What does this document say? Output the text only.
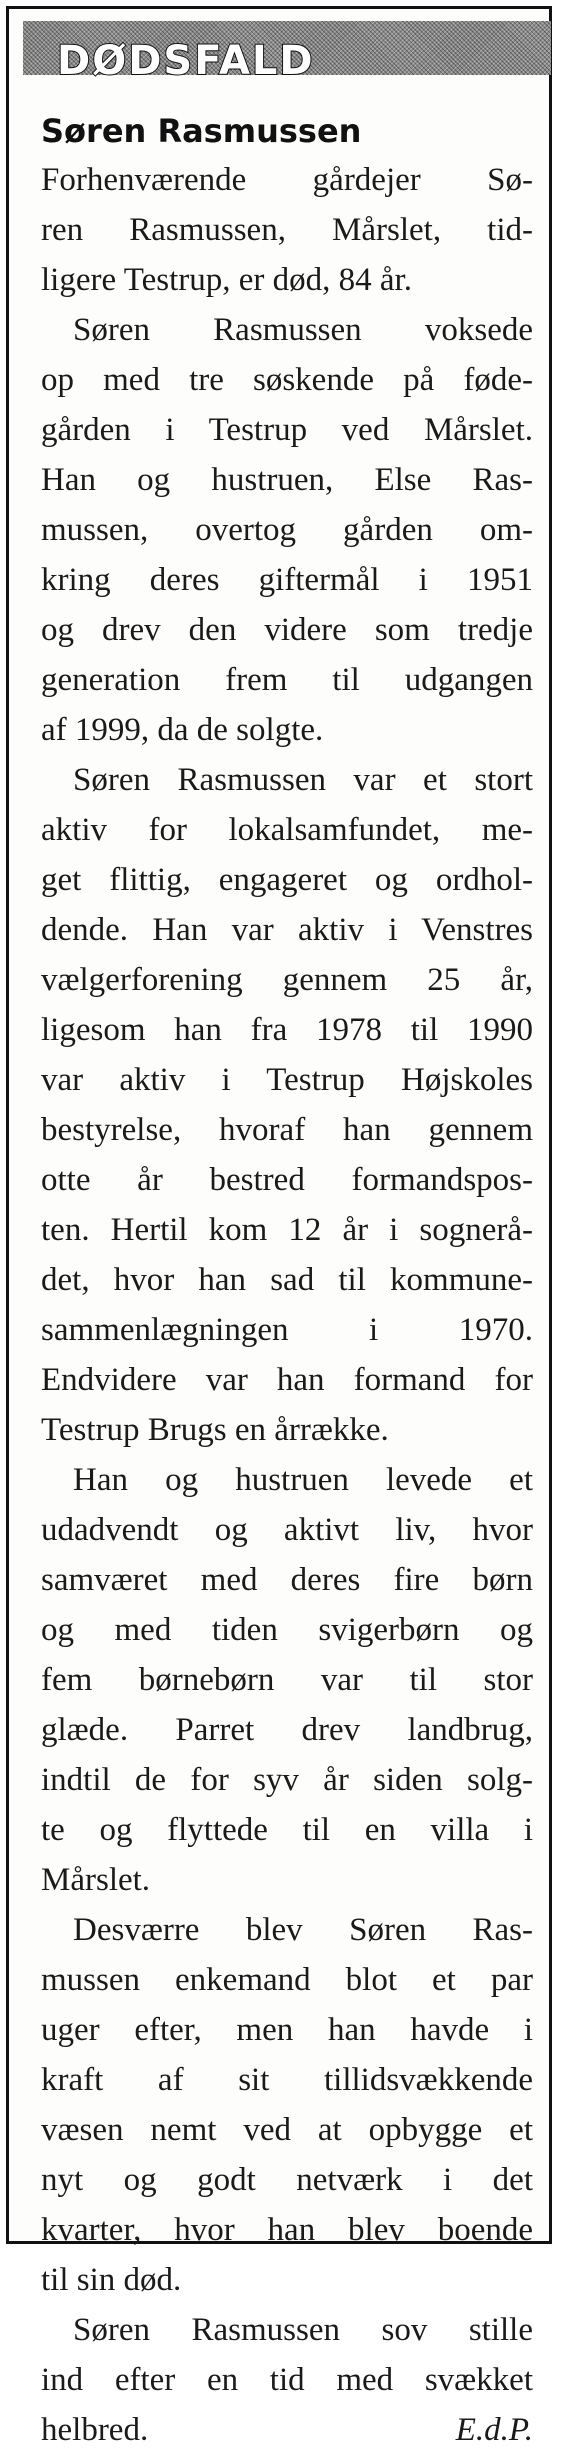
DØDSFALD
Søren Rasmussen

Forhenværende gårdejer Sø-
ren Rasmussen, Mårslet, tid-
ligere Testrup, er død, 84 år.

Søren Rasmussen voksede
op med tre søskende på føde-
gården i Testrup ved Mårslet.
Han og hustruen, Else Ras-
mussen, overtog gården om-
kring deres giftermål i 1951
og drev den videre som tredje
generation frem til udgangen
af 1999, da de solgte.

Søren Rasmussen var et stort
aktiv for lokalsamfundet, me-
get flittig, engageret og ordhol-
dende. Han var aktiv i Venstres
vælgerforening gennem 25 år,
ligesom han fra 1978 til 1990
var aktiv i Testrup Højskoles
bestyrelse, hvoraf han gennem
otte år bestred formandspos-
ten. Hertil kom 12 år i sognerå-
det, hvor han sad til kommune-
sammenlægningen i 1970.
Endvidere var han formand for
Testrup Brugs en årrække.

Han og hustruen levede et
udadvendt og aktivt liv, hvor
samværet med deres fire børn
og med tiden svigerbørn og
fem børnebørn var til stor
glæde. Parret drev landbrug,
indtil de for syv år siden solg-
te og flyttede til en villa i
Mårslet.

Desværre blev Søren Ras-
mussen enkemand blot et par
uger efter, men han havde i
kraft af sit tillidsvækkende
væsen nemt ved at opbygge et
nyt og godt netværk i det
kvarter, hvor han blev boende
til sin død.

Søren Rasmussen sov stille
ind efter en tid med svækket
helbred.	E.d.P.
